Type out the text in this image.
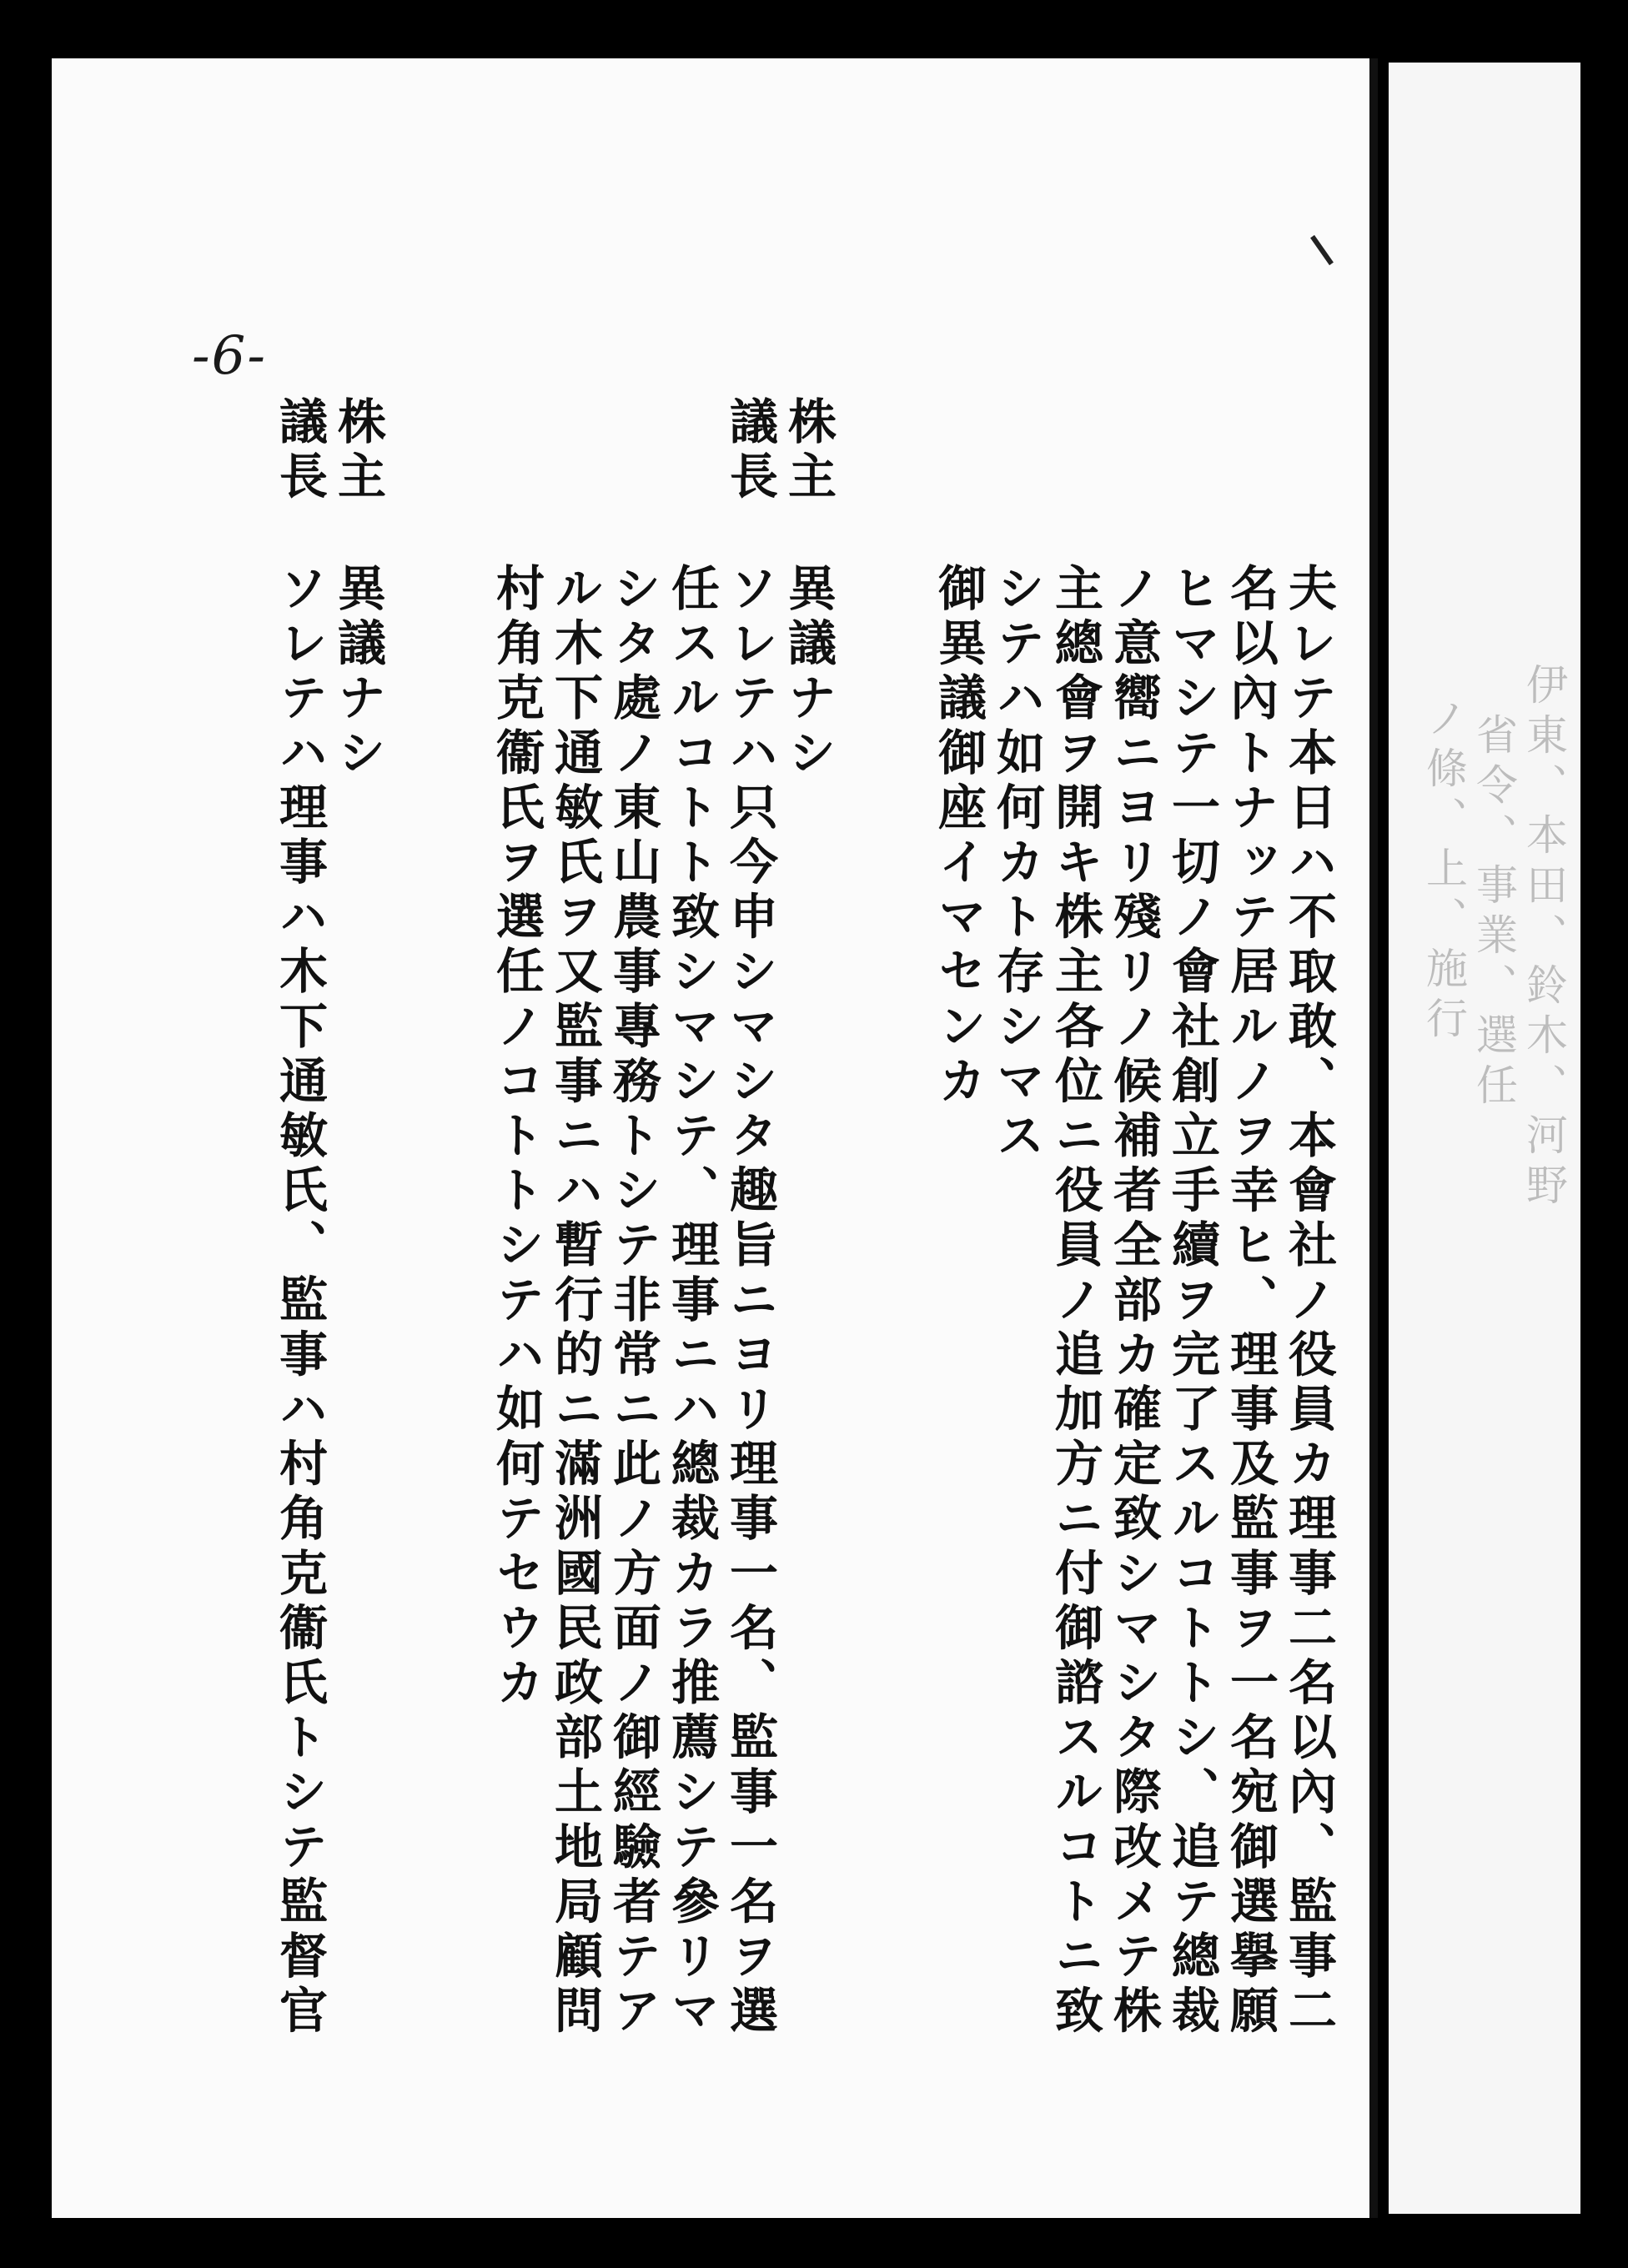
-6-
株主
議長
株主
議長
夫レテ本日ハ不取敢、本會社ノ役員カ理事二名以內、監事二
名以內トナッテ居ルノヲ幸ヒ、理事及監事ヲ一名宛御選擧願
ヒマシテ一切ノ會社創立手續ヲ完了スルコトトシ、追テ總裁
ノ意嚮ニヨリ殘リノ候補者全部カ確定致シマシタ際改メテ株
主總會ヲ開キ株主各位ニ役員ノ追加方ニ付御諮スルコトニ致
シテハ如何カト存シマス
御異議御座イマセンカ
異議ナシ
ソレテハ只今申シマシタ趣旨ニヨリ理事一名、監事一名ヲ選
任スルコトト致シマシテ、理事ニハ總裁カラ推薦シテ參リマ
シタ處ノ東山農事專務トシテ非常ニ此ノ方面ノ御經驗者テア
ル木下通敏氏ヲ又監事ニハ暫行的ニ滿洲國民政部土地局顧問
村角克衞氏ヲ選任ノコトトシテハ如何テセウカ
異議ナシ
ソレテハ理事ハ木下通敏氏、監事ハ村角克衞氏トシテ監督官	伊東、本田、鈴木、河野
省令、事業、選任
ノ條、上、施行
